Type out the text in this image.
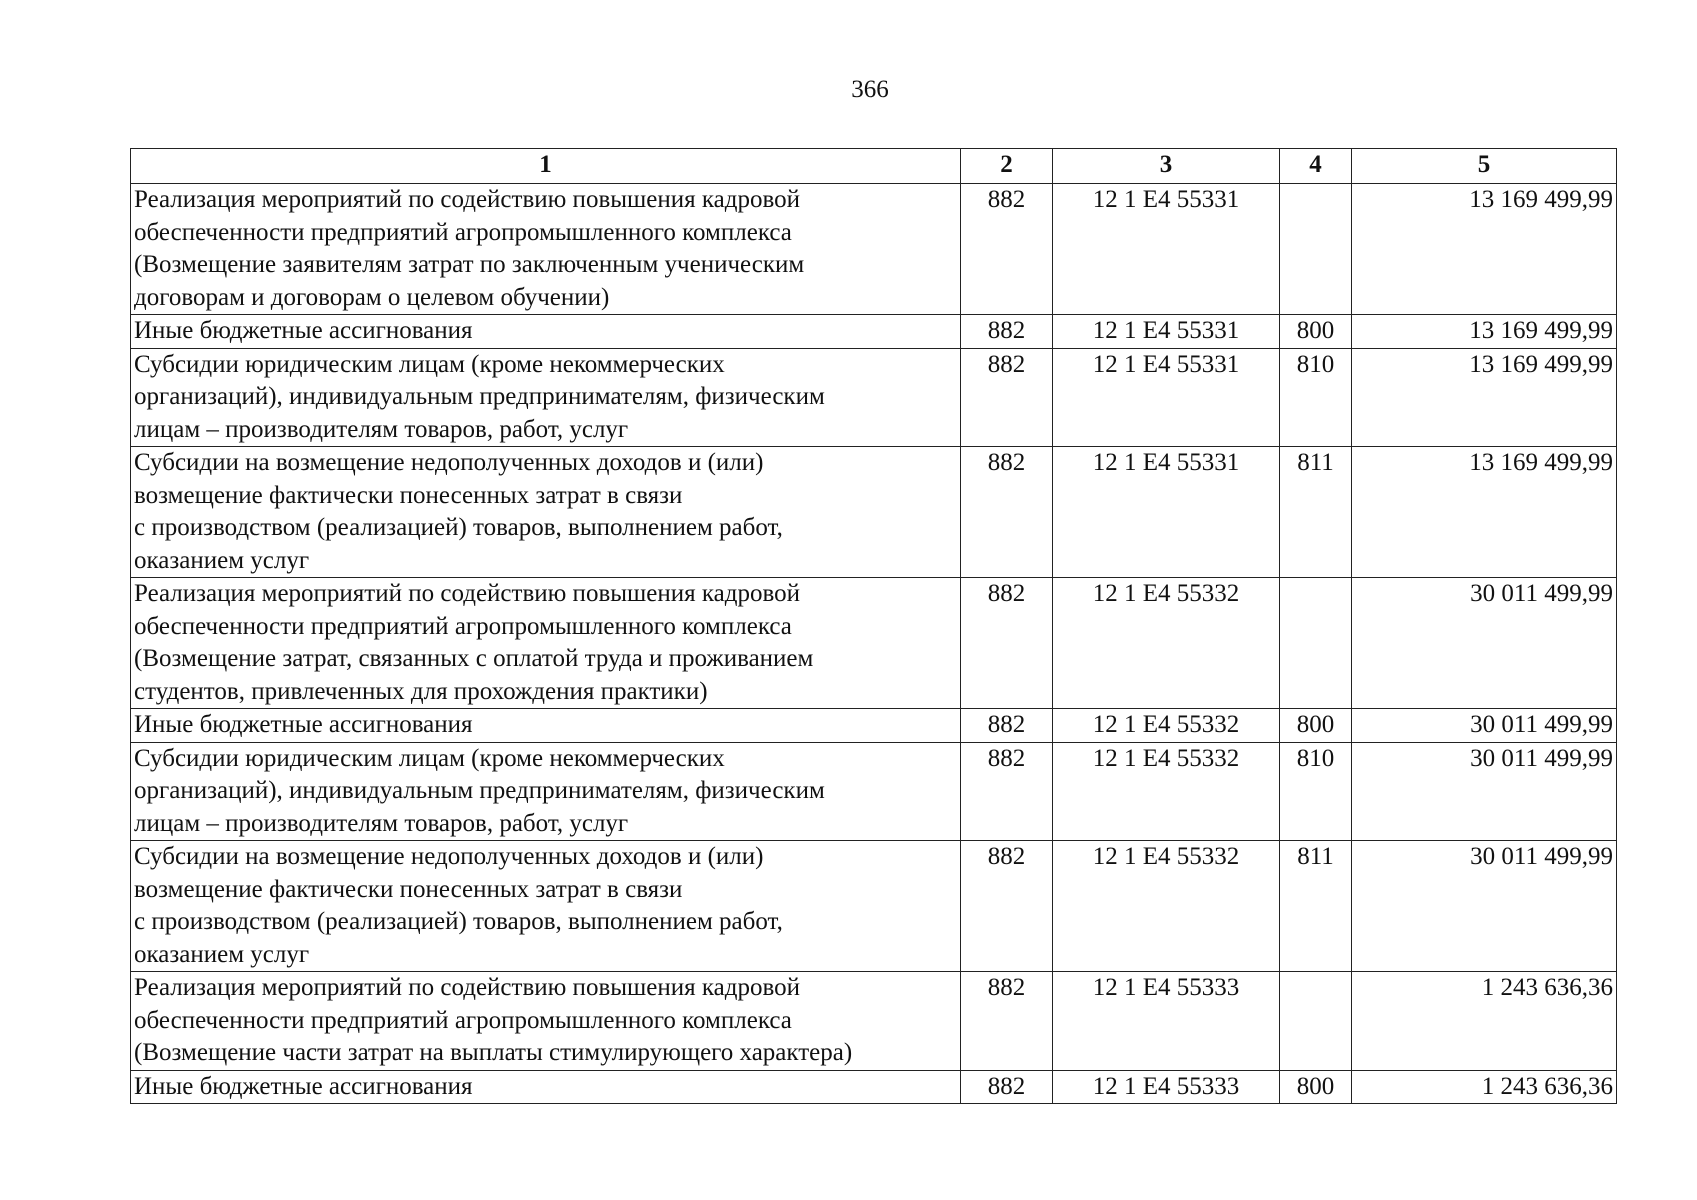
366
1	2	3	4	5
Реализация мероприятий по содействию повышения кадровой
обеспеченности предприятий агропромышленного комплекса
(Возмещение заявителям затрат по заключенным ученическим
договорам и договорам о целевом обучении)	882	12 1 E4 55331		13 169 499,99
Иные бюджетные ассигнования	882	12 1 E4 55331	800	13 169 499,99
Субсидии юридическим лицам (кроме некоммерческих
организаций), индивидуальным предпринимателям, физическим
лицам – производителям товаров, работ, услуг	882	12 1 E4 55331	810	13 169 499,99
Субсидии на возмещение недополученных доходов и (или)
возмещение фактически понесенных затрат в связи
с производством (реализацией) товаров, выполнением работ,
оказанием услуг	882	12 1 E4 55331	811	13 169 499,99
Реализация мероприятий по содействию повышения кадровой
обеспеченности предприятий агропромышленного комплекса
(Возмещение затрат, связанных с оплатой труда и проживанием
студентов, привлеченных для прохождения практики)	882	12 1 E4 55332		30 011 499,99
Иные бюджетные ассигнования	882	12 1 E4 55332	800	30 011 499,99
Субсидии юридическим лицам (кроме некоммерческих
организаций), индивидуальным предпринимателям, физическим
лицам – производителям товаров, работ, услуг	882	12 1 E4 55332	810	30 011 499,99
Субсидии на возмещение недополученных доходов и (или)
возмещение фактически понесенных затрат в связи
с производством (реализацией) товаров, выполнением работ,
оказанием услуг	882	12 1 E4 55332	811	30 011 499,99
Реализация мероприятий по содействию повышения кадровой
обеспеченности предприятий агропромышленного комплекса
(Возмещение части затрат на выплаты стимулирующего характера)	882	12 1 E4 55333		1 243 636,36
Иные бюджетные ассигнования	882	12 1 E4 55333	800	1 243 636,36
